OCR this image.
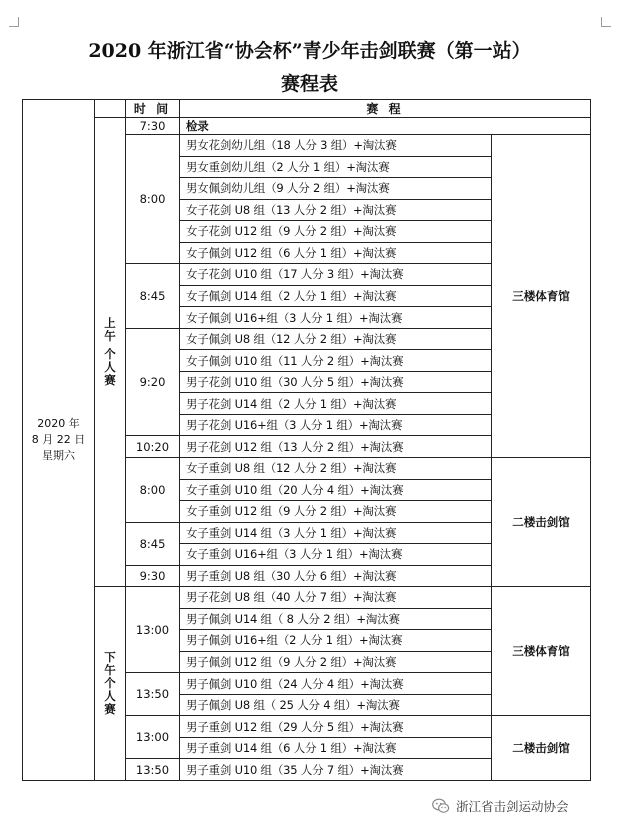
2020 年浙江省“协会杯”青少年击剑联赛（第一站）
赛程表
2020 年
8 月 22 日
星期六		时 间	赛 程	

	上
午
个
人
赛	7:30	检录	
		8:00	男女花剑幼儿组（18 人分 3 组）+淘汰赛	三楼体育馆
			男女重剑幼儿组（2 人分 1 组）+淘汰赛	
			男女佩剑幼儿组（9 人分 2 组）+淘汰赛	
			女子花剑 U8 组（13 人分 2 组）+淘汰赛	
			女子花剑 U12 组（9 人分 2 组）+淘汰赛	
			女子佩剑 U12 组（6 人分 1 组）+淘汰赛	
		8:45	女子花剑 U10 组（17 人分 3 组）+淘汰赛	
			女子佩剑 U14 组（2 人分 1 组）+淘汰赛	
			女子佩剑 U16+组（3 人分 1 组）+淘汰赛	
		9:20	女子佩剑 U8 组（12 人分 2 组）+淘汰赛	
			女子佩剑 U10 组（11 人分 2 组）+淘汰赛	
			男子花剑 U10 组（30 人分 5 组）+淘汰赛	
			男子花剑 U14 组（2 人分 1 组）+淘汰赛	
			男子花剑 U16+组（3 人分 1 组）+淘汰赛	
		10:20	男子花剑 U12 组（13 人分 2 组）+淘汰赛	
		8:00	女子重剑 U8 组（12 人分 2 组）+淘汰赛	二楼击剑馆
			女子重剑 U10 组（20 人分 4 组）+淘汰赛	
			女子重剑 U12 组（9 人分 2 组）+淘汰赛	
		8:45	女子重剑 U14 组（3 人分 1 组）+淘汰赛	
			女子重剑 U16+组（3 人分 1 组）+淘汰赛	
		9:30	男子重剑 U8 组（30 人分 6 组）+淘汰赛	

	下
午
个
人
赛	13:00	男子花剑 U8 组（40 人分 7 组）+淘汰赛	三楼体育馆
			男子佩剑 U14 组（ 8 人分 2 组）+淘汰赛	
			男子佩剑 U16+组（2 人分 1 组）+淘汰赛	
			男子佩剑 U12 组（9 人分 2 组）+淘汰赛	
		13:50	男子佩剑 U10 组（24 人分 4 组）+淘汰赛	
			男子佩剑 U8 组（ 25 人分 4 组）+淘汰赛	
		13:00	男子重剑 U12 组（29 人分 5 组）+淘汰赛	二楼击剑馆
			男子重剑 U14 组（6 人分 1 组）+淘汰赛	
		13:50	男子重剑 U10 组（35 人分 7 组）+淘汰赛	
浙江省击剑运动协会
